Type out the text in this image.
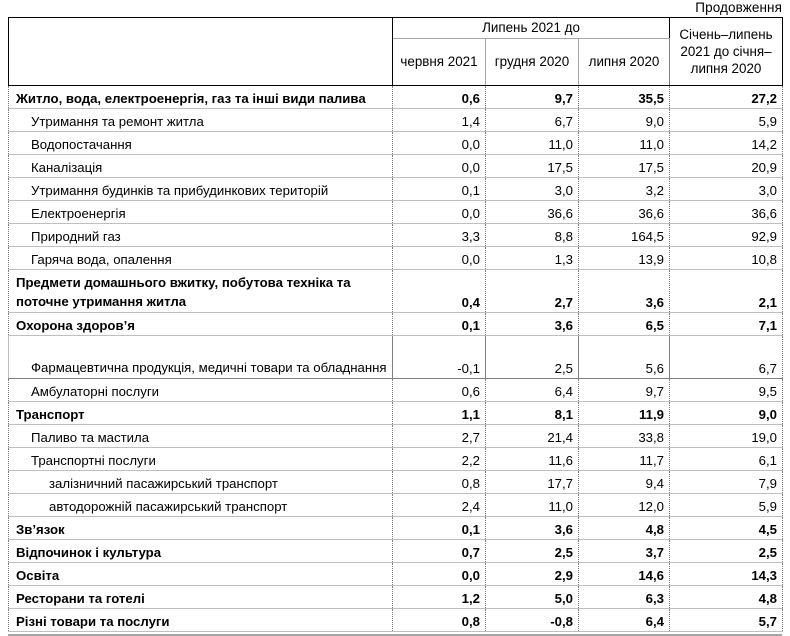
Продовження
	Липень 2021 до			Січень–липень 2021 до січня–липня 2020
	червня 2021	грудня 2020	липня 2020	
Житло, вода, електроенергія, газ та інші види палива	0,6	9,7	35,5	27,2
Утримання та ремонт житла	1,4	6,7	9,0	5,9
Водопостачання	0,0	11,0	11,0	14,2
Каналізація	0,0	17,5	17,5	20,9
Утримання будинків та прибудинкових територій	0,1	3,0	3,2	3,0
Електроенергія	0,0	36,6	36,6	36,6
Природний газ	3,3	8,8	164,5	92,9
Гаряча вода, опалення	0,0	1,3	13,9	10,8
Предмети домашнього вжитку, побутова техніка та поточне утримання житла	0,4	2,7	3,6	2,1
Охорона здоров’я	0,1	3,6	6,5	7,1
Фармацевтична продукція, медичні товари та обладнання	-0,1	2,5	5,6	6,7
Амбулаторні послуги	0,6	6,4	9,7	9,5
Транспорт	1,1	8,1	11,9	9,0
Паливо та мастила	2,7	21,4	33,8	19,0
Транспортні послуги	2,2	11,6	11,7	6,1
залізничний пасажирський транспорт	0,8	17,7	9,4	7,9
автодорожній пасажирський транспорт	2,4	11,0	12,0	5,9
Зв’язок	0,1	3,6	4,8	4,5
Відпочинок і культура	0,7	2,5	3,7	2,5
Освіта	0,0	2,9	14,6	14,3
Ресторани та готелі	1,2	5,0	6,3	4,8
Різні товари та послуги	0,8	-0,8	6,4	5,7
